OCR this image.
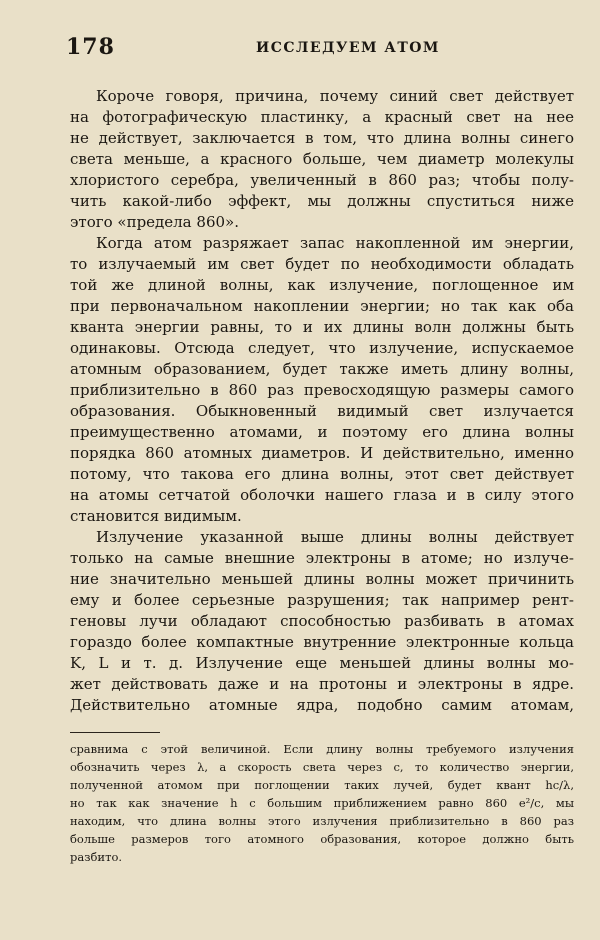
178	ИССЛЕДУЕМ АТОМ
Короче говоря, причина, почему синий свет действует
на фотографическую пластинку, а красный свет на нее
не действует, заключается в том, что длина волны синего
света меньше, а красного больше, чем диаметр молекулы
хлористого серебра, увеличенный в 860 раз; чтобы полу-
чить какой-либо эффект, мы должны спуститься ниже
этого «предела 860».
Когда атом разряжает запас накопленной им энергии,
то излучаемый им свет будет по необходимости обладать
той же длиной волны, как излучение, поглощенное им
при первоначальном накоплении энергии; но так как оба
кванта энергии равны, то и их длины волн должны быть
одинаковы. Отсюда следует, что излучение, испускаемое
атомным образованием, будет также иметь длину волны,
приблизительно в 860 раз превосходящую размеры самого
образования. Обыкновенный видимый свет излучается
преимущественно атомами, и поэтому его длина волны
порядка 860 атомных диаметров. И действительно, именно
потому, что такова его длина волны, этот свет действует
на атомы сетчатой оболочки нашего глаза и в силу этого
становится видимым.
Излучение указанной выше длины волны действует
только на самые внешние электроны в атоме; но излуче-
ние значительно меньшей длины волны может причинить
ему и более серьезные разрушения; так например рент-
геновы лучи обладают способностью разбивать в атомах
гораздо более компактные внутренние электронные кольца
K, L и т. д. Излучение еще меньшей длины волны мо-
жет действовать даже и на протоны и электроны в ядре.
Действительно атомные ядра, подобно самим атомам,
сравнима с этой величиной. Если длину волны требуемого излучения
обозначить через λ, а скорость света через c, то количество энергии,
полученной атомом при поглощении таких лучей, будет квант hc/λ,
но так как значение h с большим приближением равно 860 e²/c, мы
находим, что длина волны этого излучения приблизительно в 860 раз
больше размеров того атомного образования, которое должно быть
разбито.
